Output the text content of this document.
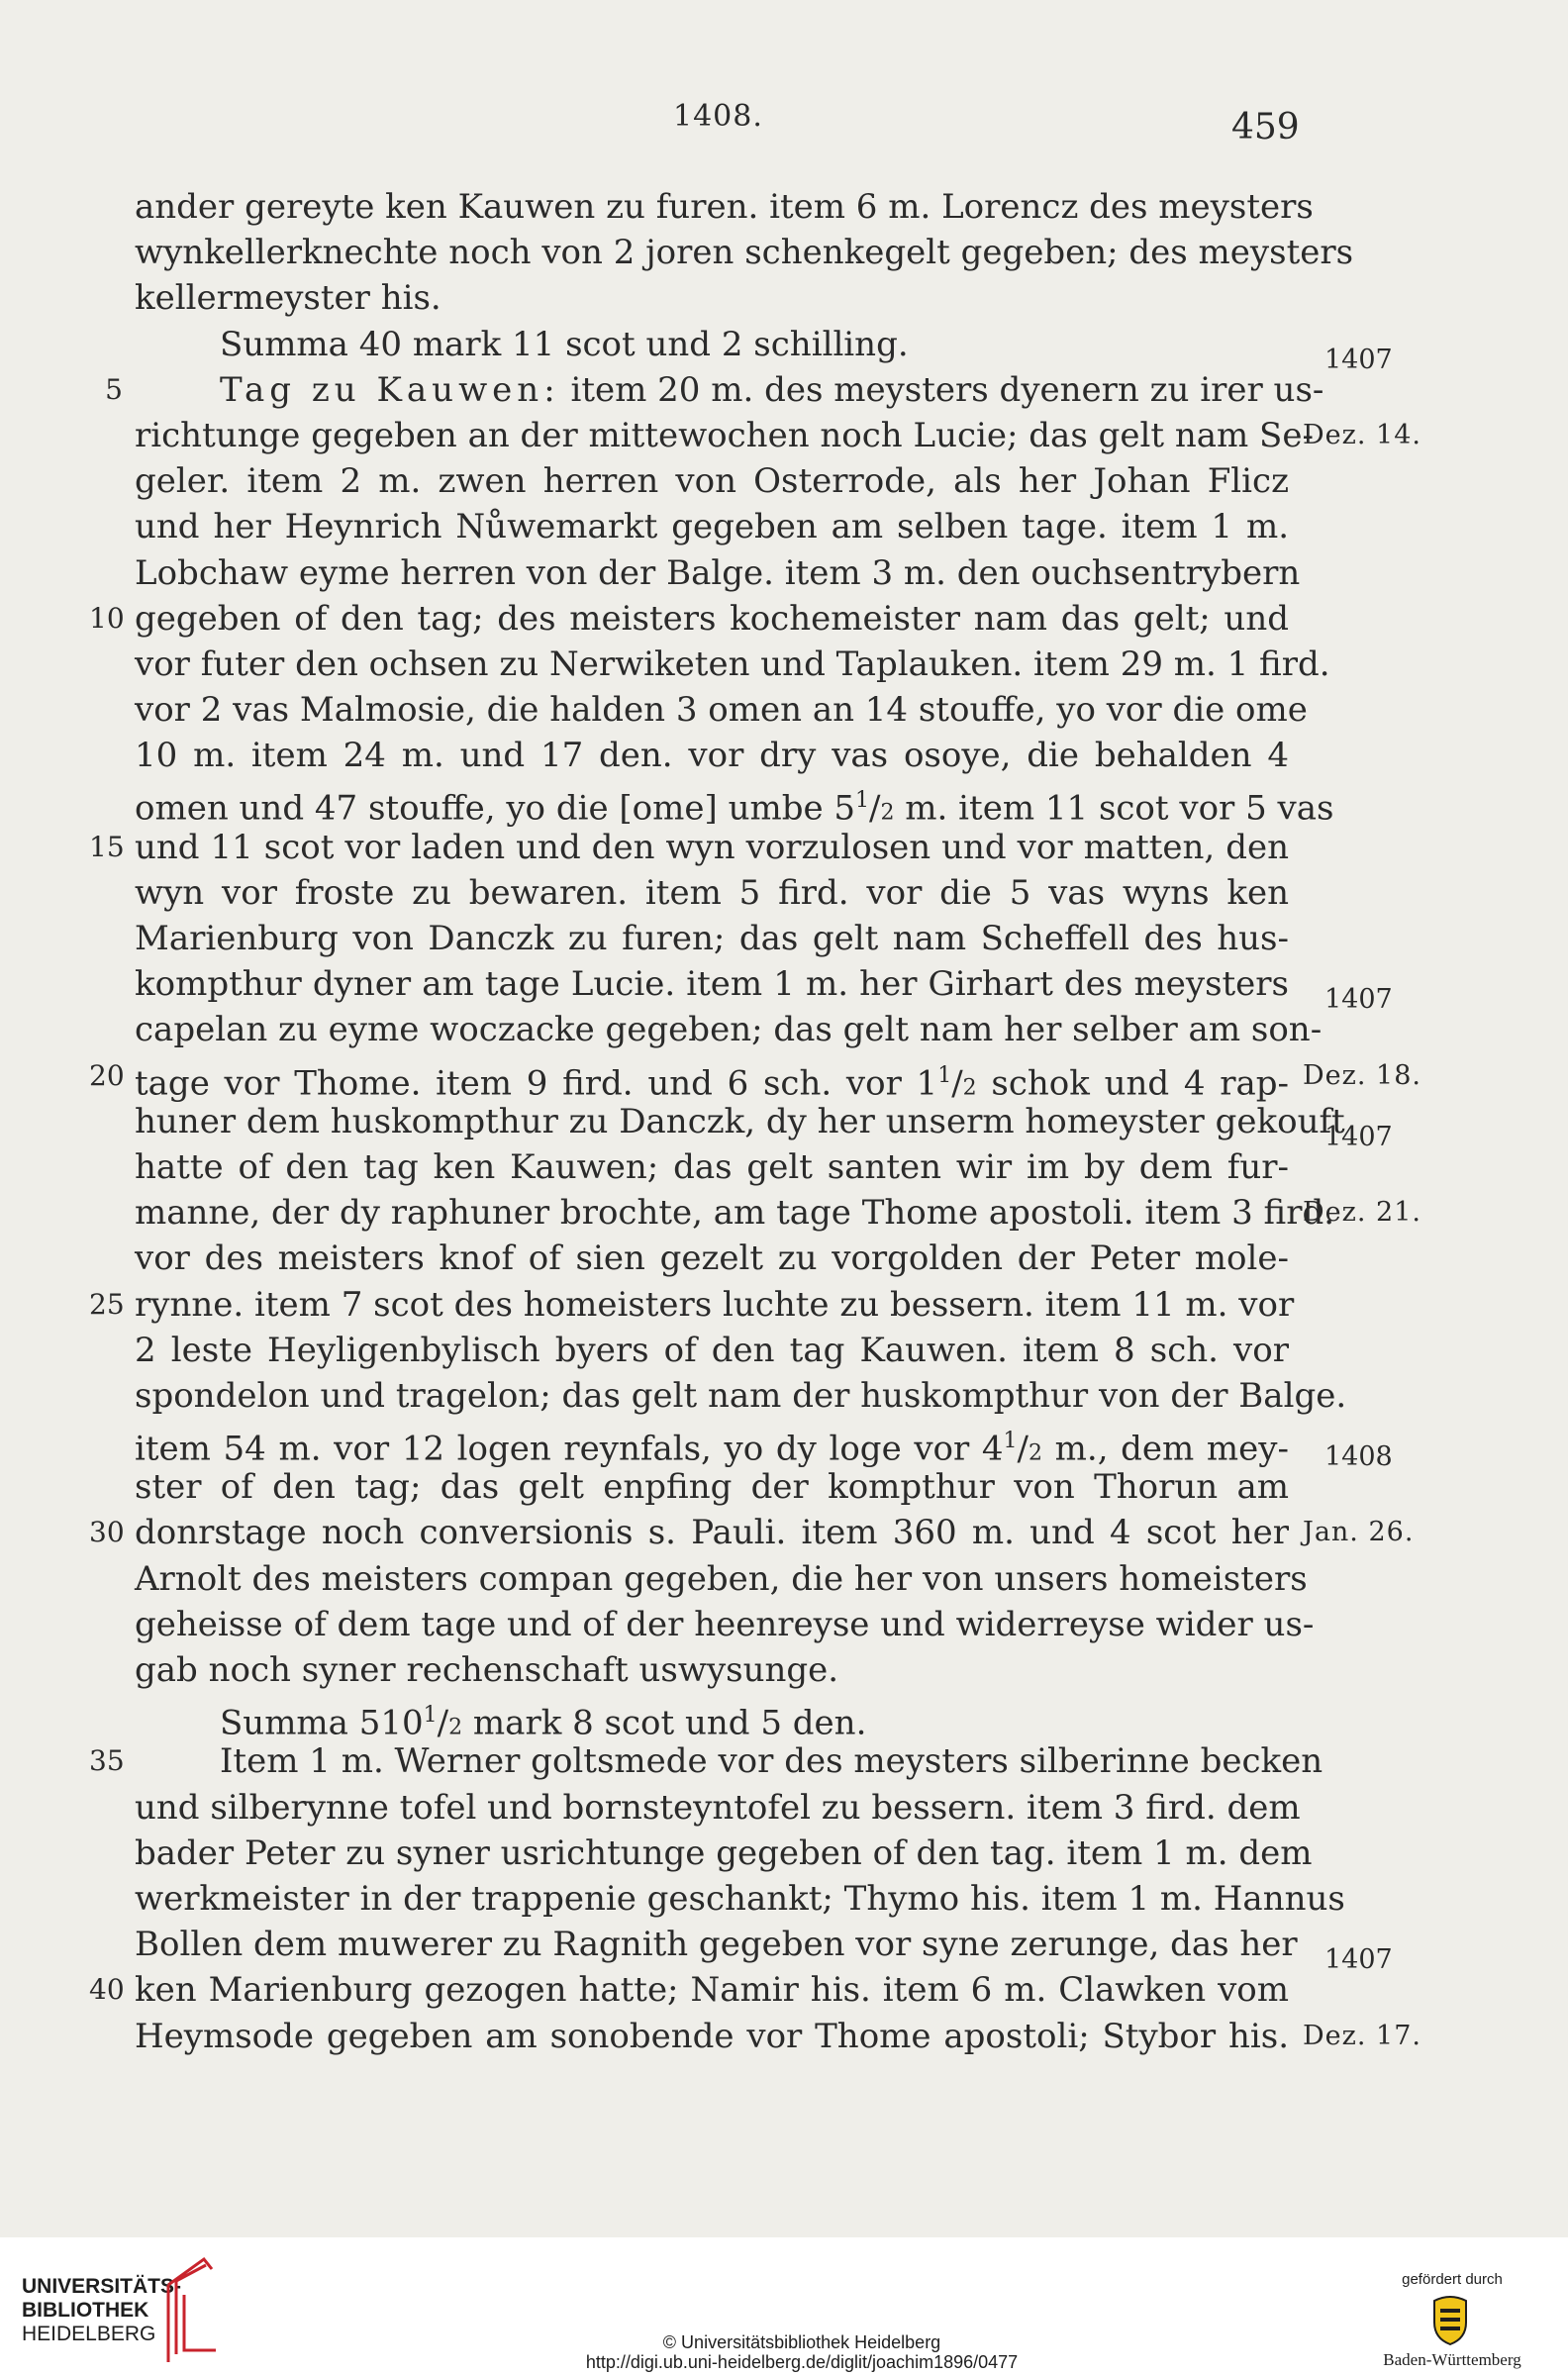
1408.	459
ander gereyte ken Kauwen zu furen. item 6 m. Lorencz des meysters
wynkellerknechte noch von 2 joren schenkegelt gegeben; des meysters
kellermeyster his.
Summa 40 mark 11 scot und 2 schilling.
5	Tag zu Kauwen: item 20 m. des meysters dyenern zu irer us-
1407
richtunge gegeben an der mittewochen noch Lucie; das gelt nam Se-
Dez. 14.
geler. item 2 m. zwen herren von Osterrode, als her Johan Flicz
und her Heynrich Nůwemarkt gegeben am selben tage. item 1 m.
Lobchaw eyme herren von der Balge. item 3 m. den ouchsentrybern
10 gegeben of den tag; des meisters kochemeister nam das gelt; und
vor futer den ochsen zu Nerwiketen und Taplauken. item 29 m. 1 fird.
vor 2 vas Malmosie, die halden 3 omen an 14 stouffe, yo vor die ome
10 m. item 24 m. und 17 den. vor dry vas osoye, die behalden 4
omen und 47 stouffe, yo die [ome] umbe $5^1/2$ m. item 11 scot vor 5 vas
15 und 11 scot vor laden und den wyn vorzulosen und vor matten, den
wyn vor froste zu bewaren. item 5 fird. vor die 5 vas wyns ken
Marienburg von Danczk zu furen; das gelt nam Scheffell des hus-
kompthur dyner am tage Lucie. item 1 m. her Girhart des meysters
capelan zu eyme woczacke gegeben; das gelt nam her selber am son-
1407
20 tage vor Thome. item 9 fird. und 6 sch. vor $1^1/2$ schok und 4 rap- Dez. 18.
huner dem huskompthur zu Danczk, dy her unserm homeyster gekouft
hatte of den tag ken Kauwen; das gelt santen wir im by dem fur-
1407
manne, der dy raphuner brochte, am tage Thome apostoli. item 3 fird.
Dez. 21.
vor des meisters knof of sien gezelt zu vorgolden der Peter mole-
25 rynne. item 7 scot des homeisters luchte zu bessern. item 11 m. vor
2 leste Heyligenbylisch byers of den tag Kauwen. item 8 sch. vor
spondelon und tragelon; das gelt nam der huskompthur von der Balge.
item 54 m. vor 12 logen reynfals, yo dy loge vor $4^1/2$ m., dem mey-
ster of den tag; das gelt enpfing der kompthur von Thorun am
1408
30 donrstage noch conversionis s. Pauli. item 360 m. und 4 scot her Jan. 26.
Arnolt des meisters compan gegeben, die her von unsers homeisters
geheisse of dem tage und of der heenreyse und widerreyse wider us-
gab noch syner rechenschaft uswysunge.
Summa $510^1/2$ mark 8 scot und 5 den.
35	Item 1 m. Werner goltsmede vor des meysters silberinne becken
und silberynne tofel und bornsteyntofel zu bessern. item 3 fird. dem
bader Peter zu syner usrichtunge gegeben of den tag. item 1 m. dem
werkmeister in der trappenie geschankt; Thymo his. item 1 m. Hannus
Bollen dem muwerer zu Ragnith gegeben vor syne zerunge, das her
40 ken Marienburg gezogen hatte; Namir his. item 6 m. Clawken vom
1407
Heymsode gegeben am sonobende vor Thome apostoli; Stybor his. Dez. 17.
UNIVERSITÄTS-
BIBLIOTHEK
HEIDELBERG	© Universitätsbibliothek Heidelberg
http://digi.ub.uni-heidelberg.de/diglit/joachim1896/0477
gefördert durch
Baden-Württemberg
